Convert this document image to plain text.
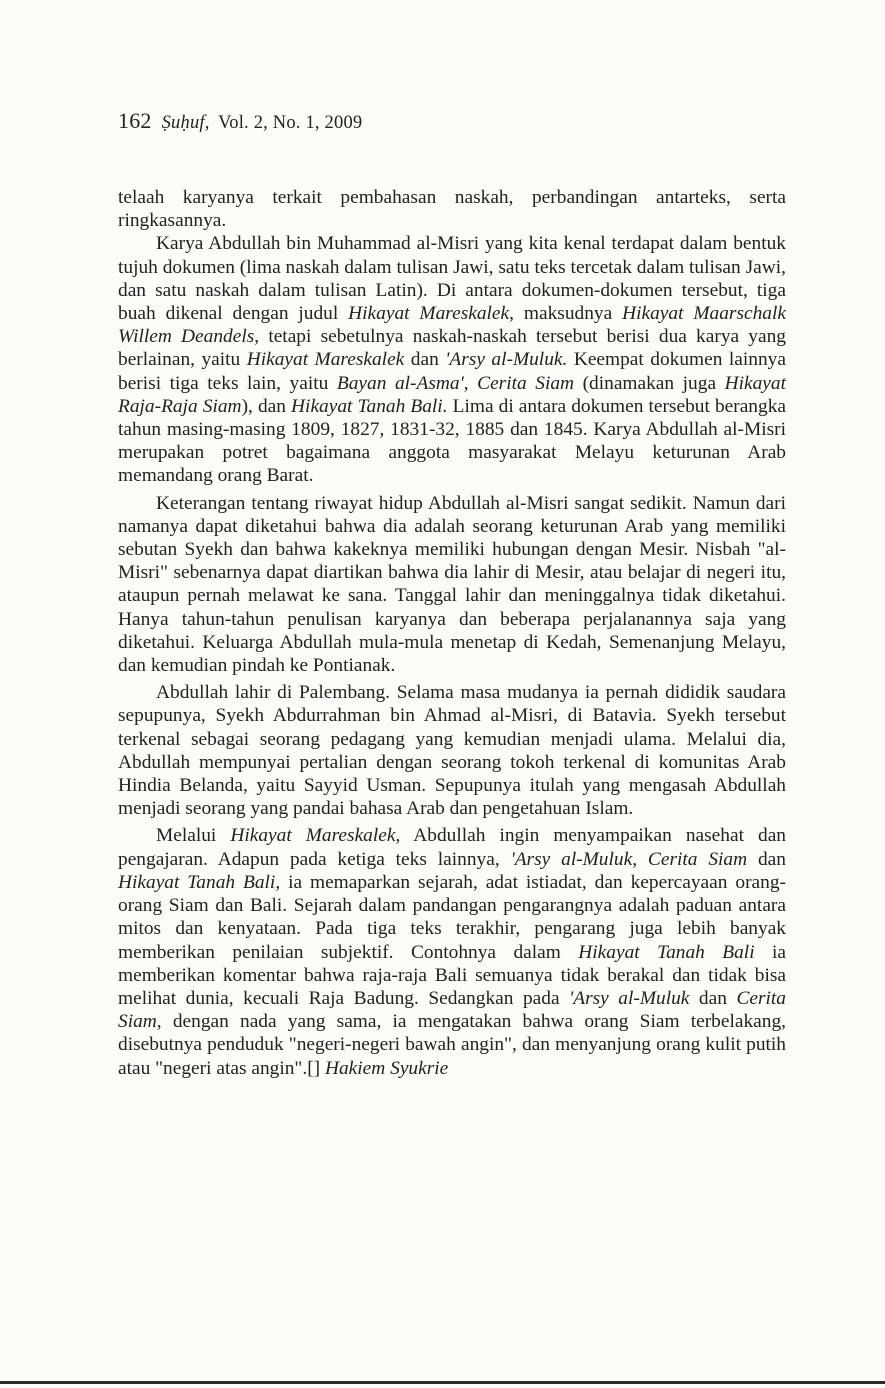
162 Ṣuḥuf, Vol. 2, No. 1, 2009

telaah karyanya terkait pembahasan naskah, perbandingan antarteks, serta ringkasannya.

Karya Abdullah bin Muhammad al-Misri yang kita kenal terdapat dalam bentuk tujuh dokumen (lima naskah dalam tulisan Jawi, satu teks tercetak dalam tulisan Jawi, dan satu naskah dalam tulisan Latin). Di antara dokumen-dokumen tersebut, tiga buah dikenal dengan judul Hikayat Mareskalek, maksudnya Hikayat Maarschalk Willem Deandels, tetapi sebetulnya naskah-naskah tersebut berisi dua karya yang berlainan, yaitu Hikayat Mareskalek dan 'Arsy al-Muluk. Keempat dokumen lainnya berisi tiga teks lain, yaitu Bayan al-Asma', Cerita Siam (dinamakan juga Hikayat Raja-Raja Siam), dan Hikayat Tanah Bali. Lima di antara dokumen tersebut berangka tahun masing-masing 1809, 1827, 1831-32, 1885 dan 1845. Karya Abdullah al-Misri merupakan potret bagaimana anggota masyarakat Melayu keturunan Arab memandang orang Barat.

Keterangan tentang riwayat hidup Abdullah al-Misri sangat sedikit. Namun dari namanya dapat diketahui bahwa dia adalah seorang keturunan Arab yang memiliki sebutan Syekh dan bahwa kakeknya memiliki hubungan dengan Mesir. Nisbah "al-Misri" sebenarnya dapat diartikan bahwa dia lahir di Mesir, atau belajar di negeri itu, ataupun pernah melawat ke sana. Tanggal lahir dan meninggalnya tidak diketahui. Hanya tahun-tahun penulisan karyanya dan beberapa perjalanannya saja yang diketahui. Keluarga Abdullah mula-mula menetap di Kedah, Semenanjung Melayu, dan kemudian pindah ke Pontianak.

Abdullah lahir di Palembang. Selama masa mudanya ia pernah dididik saudara sepupunya, Syekh Abdurrahman bin Ahmad al-Misri, di Batavia. Syekh tersebut terkenal sebagai seorang pedagang yang kemudian menjadi ulama. Melalui dia, Abdullah mempunyai pertalian dengan seorang tokoh terkenal di komunitas Arab Hindia Belanda, yaitu Sayyid Usman. Sepupunya itulah yang mengasah Abdullah menjadi seorang yang pandai bahasa Arab dan pengetahuan Islam.

Melalui Hikayat Mareskalek, Abdullah ingin menyampaikan nasehat dan pengajaran. Adapun pada ketiga teks lainnya, 'Arsy al-Muluk, Cerita Siam dan Hikayat Tanah Bali, ia memaparkan sejarah, adat istiadat, dan kepercayaan orang-orang Siam dan Bali. Sejarah dalam pandangan pengarangnya adalah paduan antara mitos dan kenyataan. Pada tiga teks terakhir, pengarang juga lebih banyak memberikan penilaian subjektif. Contohnya dalam Hikayat Tanah Bali ia memberikan komentar bahwa raja-raja Bali semuanya tidak berakal dan tidak bisa melihat dunia, kecuali Raja Badung. Sedangkan pada 'Arsy al-Muluk dan Cerita Siam, dengan nada yang sama, ia mengatakan bahwa orang Siam terbelakang, disebutnya penduduk "negeri-negeri bawah angin", dan menyanjung orang kulit putih atau "negeri atas angin".[] Hakiem Syukrie
